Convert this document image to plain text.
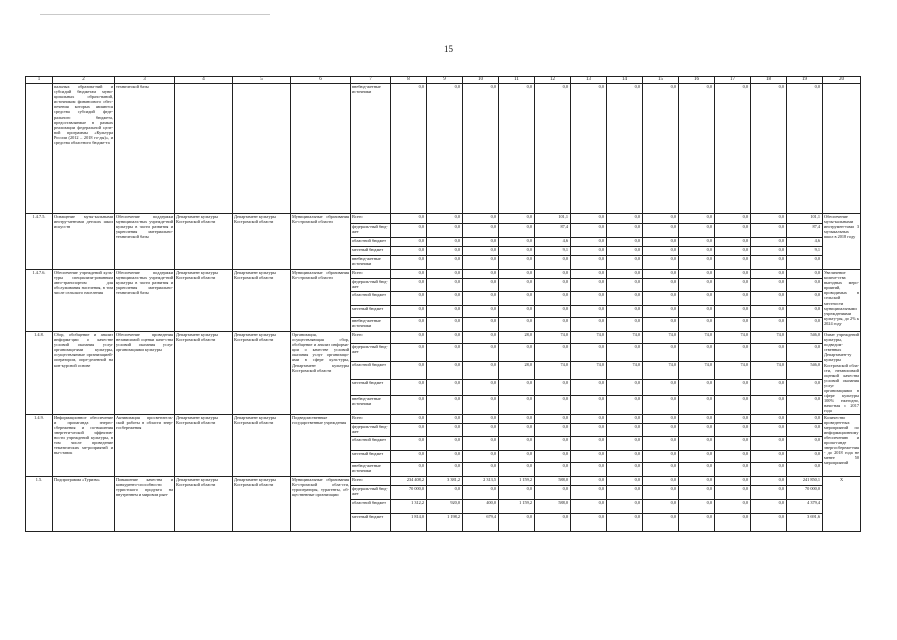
15
1	2	3	4	5	6	7	8	9	10	11	12	13	14	15	16	17	18	19	20
	пальных образова-ний и субсидий бюджетам муни-ципальных образо-ваний, источником финансового обес-печения которых являются средства субсидий феде-рального бюджета, предоставляемые в рамках реализации федеральной целе-вой программы «Культура России (2012 – 2018 го-ды)», и средства областного бюдже-та	технической базы				внебюд-жетные источники	0,0	0,0	0,0	0,0	0,0	0,0	0,0	0,0	0,0	0,0	0,0	0,0	
1.4.7.5.	Оснащение музы-кальными инстру-ментами детских школ искусств	Обеспечение поддержки муниципаль-ных учрежде-ний культуры в части развития и укрепления материально-технической базы	Департамент культуры Костромской области	Департамент культуры Костромской области	Муниципальные образования Ко-стромской области	Всего	0,0	0,0	0,0	0,0	101,1	0,0	0,0	0,0	0,0	0,0	0,0	101,1	Обеспечение музы-кальными инструмен-тами 3 музыкальных школ в 2018 году
						федераль-ный бюд-жет	0,0	0,0	0,0	0,0	87,4	0,0	0,0	0,0	0,0	0,0	0,0	87,4	
						областной бюджет	0,0	0,0	0,0	0,0	4,6	0,0	0,0	0,0	0,0	0,0	0,0	4,6	
						местный бюджет	0,0	0,0	0,0	0,0	9,1	0,0	0,0	0,0	0,0	0,0	0,0	9,1	
						внебюд-жетные источники	0,0	0,0	0,0	0,0	0,0	0,0	0,0	0,0	0,0	0,0	0,0	0,0	
1.4.7.6.	Обеспечение учреждений куль-туры специализи-рованным авто-транспортом для обслуживания населения, в том числе сельского населения	Обеспечение поддержки муниципаль-ных учрежде-ний культуры в части развития и укрепления материально-технической базы	Департамент культуры Костромской области	Департамент культуры Костромской области	Муниципальные образования Ко-стромской области	Всего	0,0	0,0	0,0	0,0	0,0	0,0	0,0	0,0	0,0	0,0	0,0	0,0	Увеличение количе-ства выездных меро-приятий, проводимых в сельской местности муниципальными учреждениями культу-ры, до 2% к 2024 году
						федераль-ный бюд-жет	0,0	0,0	0,0	0,0	0,0	0,0	0,0	0,0	0,0	0,0	0,0	0,0	
						областной бюджет	0,0	0,0	0,0	0,0	0,0	0,0	0,0	0,0	0,0	0,0	0,0	0,0	
						местный бюджет	0,0	0,0	0,0	0,0	0,0	0,0	0,0	0,0	0,0	0,0	0,0	0,0	
						внебюд-жетные источники	0,0	0,0	0,0	0,0	0,0	0,0	0,0	0,0	0,0	0,0	0,0	0,0	
1.4.8.	Сбор, обобщение и анализ информа-ции о качестве условий оказания услуг организаци-ями культуры, осуществляемые организацией-оператором, опре-деленной на кон-курсной основе	Обеспечение проведения независимой оценки каче-ства условий оказания услуг организациями культуры	Департамент культуры Костромской области	Департамент культуры Костромской области	Организация, осуществляющая сбор, обобщение и анализ информа-ции о качестве условий оказания услуг организаци-ями в сфере куль-туры, Департамент культуры Костромской области	Всего	0,0	0,0	0,0	28,0	74,0	74,0	74,0	74,0	74,0	74,0	74,0	546,0	Охват учреждений культуры, подведом-ственных Департамен-ту культуры Костромской обла-сти, независимой оценкой качества условий оказания услуг организациями в сфере культуры 100% ежегодно, начи-ная с 2017 года
						федераль-ный бюд-жет	0,0	0,0	0,0	0,0	0,0	0,0	0,0	0,0	0,0	0,0	0,0	0,0	
						областной бюджет	0,0	0,0	0,0	28,0	74,0	74,0	74,0	74,0	74,0	74,0	74,0	546,0	
						местный бюджет	0,0	0,0	0,0	0,0	0,0	0,0	0,0	0,0	0,0	0,0	0,0	0,0	
						внебюд-жетные источники	0,0	0,0	0,0	0,0	0,0	0,0	0,0	0,0	0,0	0,0	0,0	0,0	
1.4.9.	Информационное обеспечение и пропаганда энерго-сбережения и по-вышения энергети-ческой эффектив-ности учреждений культуры, в том числе проведение тематических ме-роприятий и вы-ставок	Активизация просветитель-ской работы в области энер-госбережения	Департамент культуры Костромской области	Департамент культуры Костромской области	Подведомственные государственные учреждения	Всего	0,0	0,0	0,0	0,0	0,0	0,0	0,0	0,0	0,0	0,0	0,0	0,0	Количество проведен-ных мероприятий по информационному обеспечению и пропа-ганде энергосбереже-ния - до 2018 года не менее 50 мероприятий
						федераль-ный бюд-жет	0,0	0,0	0,0	0,0	0,0	0,0	0,0	0,0	0,0	0,0	0,0	0,0	
						областной бюджет	0,0	0,0	0,0	0,0	0,0	0,0	0,0	0,0	0,0	0,0	0,0	0,0	
						местный бюджет	0,0	0,0	0,0	0,0	0,0	0,0	0,0	0,0	0,0	0,0	0,0	0,0	
						внебюд-жетные источники	0,0	0,0	0,0	0,0	0,0	0,0	0,0	0,0	0,0	0,0	0,0	0,0	
1.5.	Подпрограмма «Туризм»	Повышение качества и конкуренто-способности туристского продукта на внутреннем и мировом рын-	Департамент культуры Костромской области	Департамент культуры Костромской области	Муниципальные образования Ко-стромской обла-сти, туроператоры, турагенты, об-щественные организации	Всего	234 408,2	3 381,2	2 313,5	1 159,2	588,0	0,0	0,0	0,0	0,0	0,0	0,0	241 850,1	Х
						федераль-ный бюд-жет	70 000,0	0,0	0,0	0,0	0,0	0,0	0,0	0,0	0,0	0,0	0,0	70 000,0	
						областной бюджет	1 312,2	920,0	400,0	1 159,2	588,0	0,0	0,0	0,0	0,0	0,0	0,0	4 379,4	
						местный бюджет	1 814,0	1 198,2	679,4	0,0	0,0	0,0	0,0	0,0	0,0	0,0	0,0	3 691,6	
